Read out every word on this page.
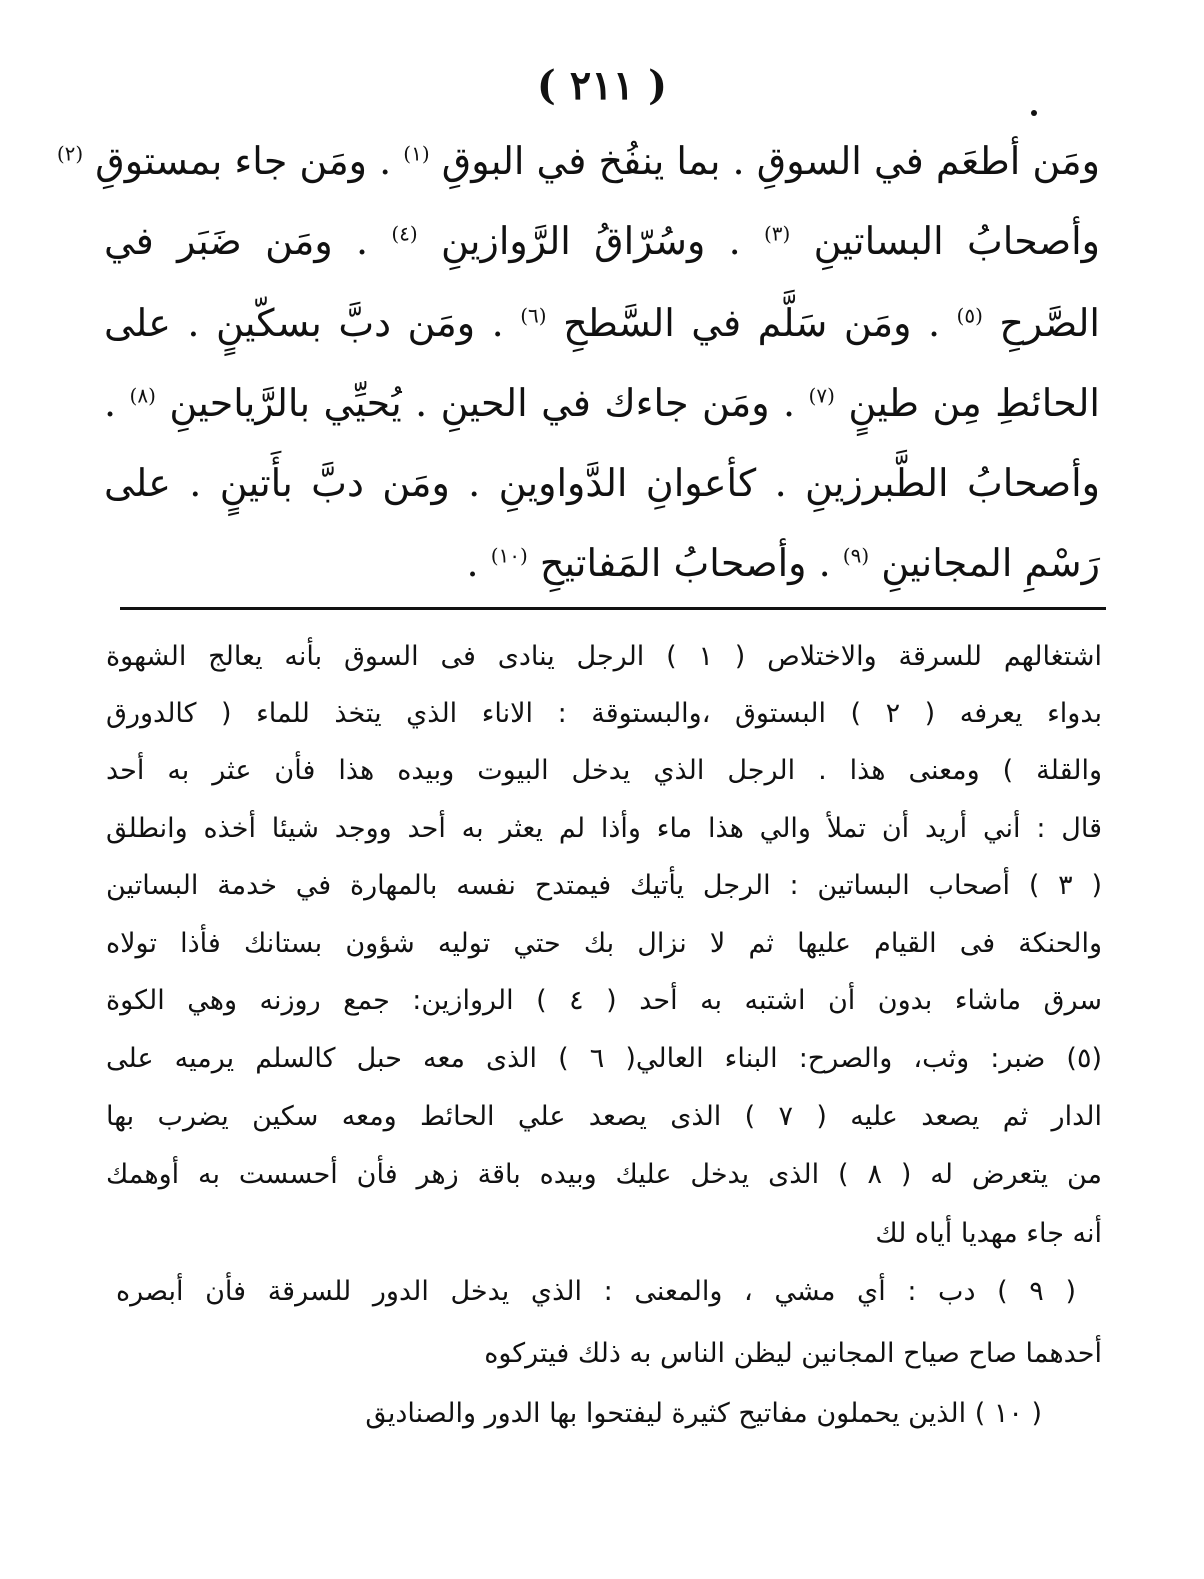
( ٢١١ )
ومَن أطعَم في السوقِ . بما ينفُخ في البوقِ $^{(١)}$ . ومَن جاء بمستوقِ $^{(٢)}$
وأصحابُ البساتينِ $^{(٣)}$ . وسُرّاقُ الرَّوازينِ $^{(٤)}$ . ومَن ضَبَر في
الصَّرحِ $^{(٥)}$ . ومَن سَلَّم في السَّطحِ $^{(٦)}$ . ومَن دبَّ بسكّينٍ . على
الحائطِ مِن طينٍ $^{(٧)}$ . ومَن جاءك في الحينِ . يُحيِّي بالرَّياحينِ $^{(٨)}$ .
وأصحابُ الطَّبرزينِ . كأعوانِ الدَّواوينِ . ومَن دبَّ بأَتينٍ . على
رَسْمِ المجانينِ $^{(٩)}$ . وأصحابُ المَفاتيحِ $^{(١٠)}$ .
اشتغالهم للسرقة والاختلاص ( ١ ) الرجل ينادى فى السوق بأنه يعالج الشهوة
بدواء يعرفه ( ٢ ) البستوق ،والبستوقة : الاناء الذي يتخذ للماء ( كالدورق
والقلة ) ومعنى هذا . الرجل الذي يدخل البيوت وبيده هذا فأن عثر به أحد
قال : أني أريد أن تملأ والي هذا ماء وأذا لم يعثر به أحد ووجد شيئا أخذه وانطلق
( ٣ ) أصحاب البساتين : الرجل يأتيك فيمتدح نفسه بالمهارة في خدمة البساتين
والحنكة فى القيام عليها ثم لا نزال بك حتي توليه شؤون بستانك فأذا تولاه
سرق ماشاء بدون أن اشتبه به أحد ( ٤ ) الروازين: جمع روزنه وهي الكوة
(٥) ضبر: وثب، والصرح: البناء العالي( ٦ ) الذى معه حبل كالسلم يرميه على
الدار ثم يصعد عليه ( ٧ ) الذى يصعد علي الحائط ومعه سكين يضرب بها
من يتعرض له ( ٨ ) الذى يدخل عليك وبيده باقة زهر فأن أحسست به أوهمك
أنه جاء مهديا أياه لك
( ٩ ) دب : أي مشي ، والمعنى : الذي يدخل الدور للسرقة فأن أبصره
أحدهما صاح صياح المجانين ليظن الناس به ذلك فيتركوه
( ١٠ ) الذين يحملون مفاتيح كثيرة ليفتحوا بها الدور والصناديق
